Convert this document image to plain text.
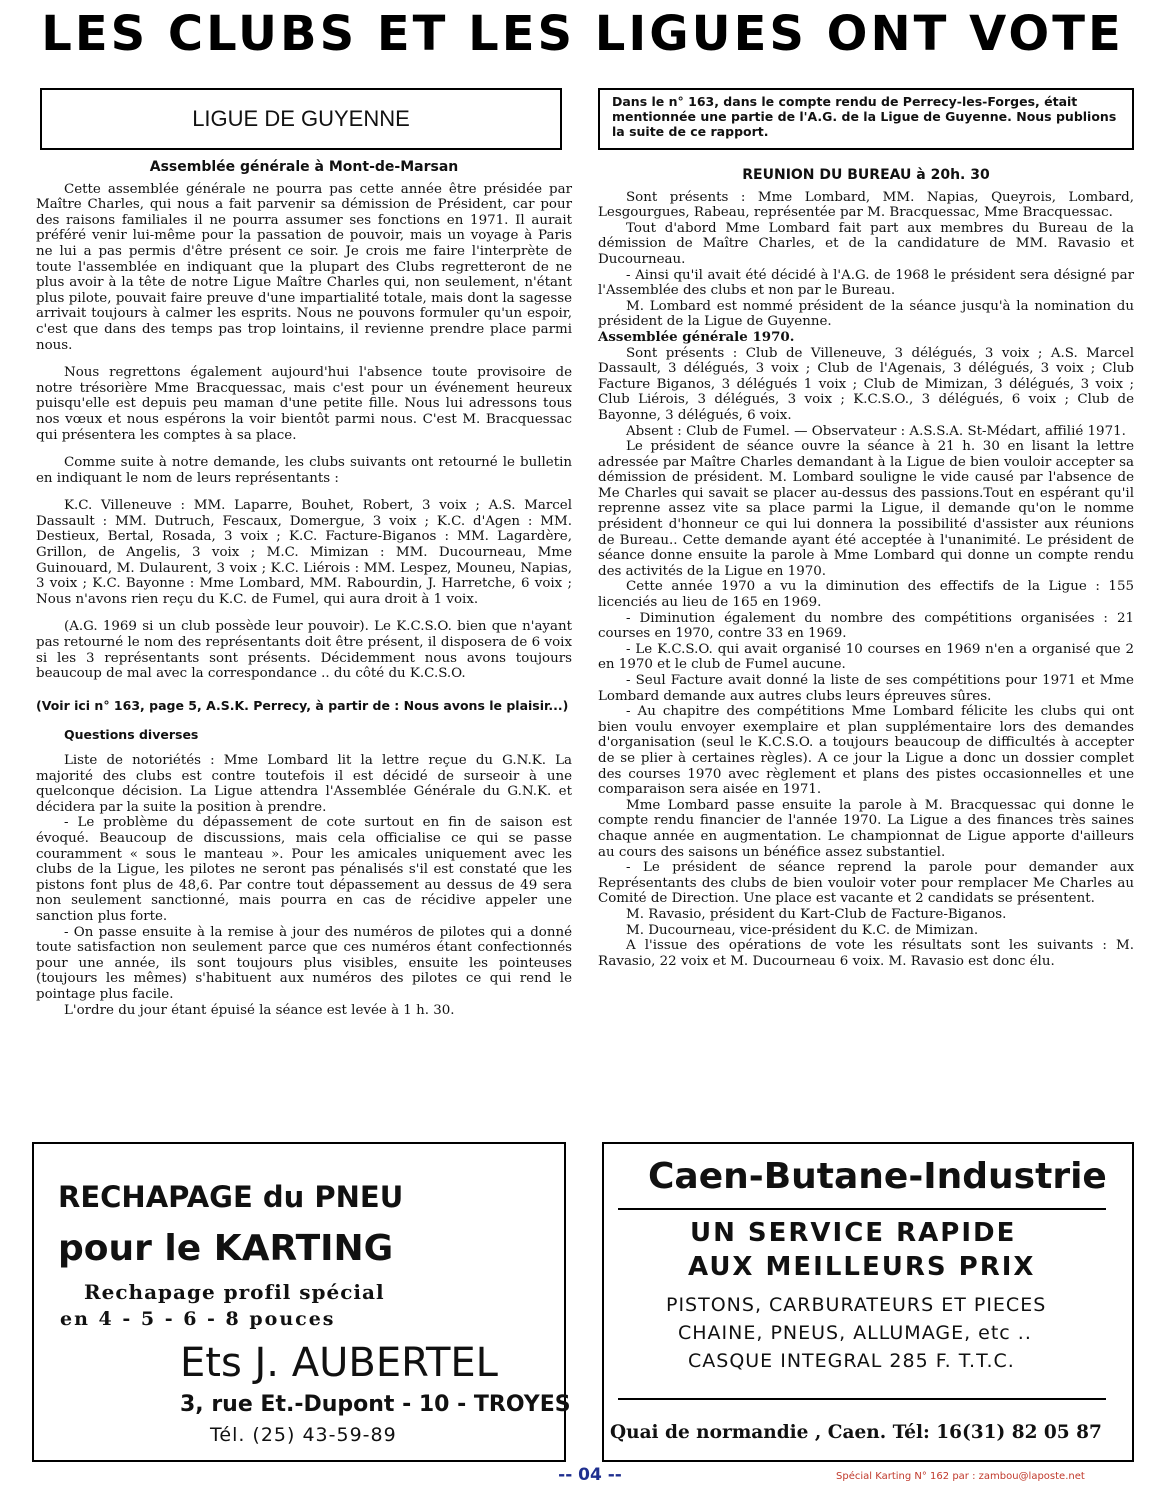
LES CLUBS ET LES LIGUES ONT VOTE
LIGUE DE GUYENNE
Dans le n° 163, dans le compte rendu de Perrecy-les-Forges, était mentionnée une partie de l'A.G. de la Ligue de Guyenne. Nous publions la suite de ce rapport.

Assemblée générale à Mont-de-Marsan

Cette assemblée générale ne pourra pas cette année être présidée par Maître Charles, qui nous a fait parvenir sa démission de Président, car pour des raisons familiales il ne pourra assumer ses fonctions en 1971. Il aurait préféré venir lui-même pour la passation de pouvoir, mais un voyage à Paris ne lui a pas permis d'être présent ce soir. Je crois me faire l'interprète de toute l'assemblée en indiquant que la plupart des Clubs regretteront de ne plus avoir à la tête de notre Ligue Maître Charles qui, non seulement, n'étant plus pilote, pouvait faire preuve d'une impartialité totale, mais dont la sagesse arrivait toujours à calmer les esprits. Nous ne pouvons formuler qu'un espoir, c'est que dans des temps pas trop lointains, il revienne prendre place parmi nous.

Nous regrettons également aujourd'hui l'absence toute provisoire de notre trésorière Mme Bracquessac, mais c'est pour un événement heureux puisqu'elle est depuis peu maman d'une petite fille. Nous lui adressons tous nos vœux et nous espérons la voir bientôt parmi nous. C'est M. Bracquessac qui présentera les comptes à sa place.

Comme suite à notre demande, les clubs suivants ont retourné le bulletin en indiquant le nom de leurs représentants :

K.C. Villeneuve : MM. Laparre, Bouhet, Robert, 3 voix ; A.S. Marcel Dassault : MM. Dutruch, Fescaux, Domergue, 3 voix ; K.C. d'Agen : MM. Destieux, Bertal, Rosada, 3 voix ; K.C. Facture-Biganos : MM. Lagardère, Grillon, de Angelis, 3 voix ; M.C. Mimizan : MM. Ducourneau, Mme Guinouard, M. Dulaurent, 3 voix ; K.C. Liérois : MM. Lespez, Mouneu, Napias, 3 voix ; K.C. Bayonne : Mme Lombard, MM. Rabourdin, J. Harretche, 6 voix ; Nous n'avons rien reçu du K.C. de Fumel, qui aura droit à 1 voix.

(A.G. 1969 si un club possède leur pouvoir). Le K.C.S.O. bien que n'ayant pas retourné le nom des représentants doit être présent, il disposera de 6 voix si les 3 représentants sont présents. Décidemment nous avons toujours beaucoup de mal avec la correspondance .. du côté du K.C.S.O.

(Voir ici n° 163, page 5, A.S.K. Perrecy, à partir de : Nous avons le plaisir...)

Questions diverses

Liste de notoriétés : Mme Lombard lit la lettre reçue du G.N.K. La majorité des clubs est contre toutefois il est décidé de surseoir à une quelconque décision. La Ligue attendra l'Assemblée Générale du G.N.K. et décidera par la suite la position à prendre.

- Le problème du dépassement de cote surtout en fin de saison est évoqué. Beaucoup de discussions, mais cela officialise ce qui se passe couramment « sous le manteau ». Pour les amicales uniquement avec les clubs de la Ligue, les pilotes ne seront pas pénalisés s'il est constaté que les pistons font plus de 48,6. Par contre tout dépassement au dessus de 49 sera non seulement sanctionné, mais pourra en cas de récidive appeler une sanction plus forte.

- On passe ensuite à la remise à jour des numéros de pilotes qui a donné toute satisfaction non seulement parce que ces numéros étant confectionnés pour une année, ils sont toujours plus visibles, ensuite les pointeuses (toujours les mêmes) s'habituent aux numéros des pilotes ce qui rend le pointage plus facile.

L'ordre du jour étant épuisé la séance est levée à 1 h. 30.

REUNION DU BUREAU à 20h. 30

Sont présents : Mme Lombard, MM. Napias, Queyrois, Lombard, Lesgourgues, Rabeau, représentée par M. Bracquessac, Mme Bracquessac.

Tout d'abord Mme Lombard fait part aux membres du Bureau de la démission de Maître Charles, et de la candidature de MM. Ravasio et Ducourneau.

- Ainsi qu'il avait été décidé à l'A.G. de 1968 le président sera désigné par l'Assemblée des clubs et non par le Bureau.

M. Lombard est nommé président de la séance jusqu'à la nomination du président de la Ligue de Guyenne.

Assemblée générale 1970.

Sont présents : Club de Villeneuve, 3 délégués, 3 voix ; A.S. Marcel Dassault, 3 délégués, 3 voix ; Club de l'Agenais, 3 délégués, 3 voix ; Club Facture Biganos, 3 délégués 1 voix ; Club de Mimizan, 3 délégués, 3 voix ; Club Liérois, 3 délégués, 3 voix ; K.C.S.O., 3 délégués, 6 voix ; Club de Bayonne, 3 délégués, 6 voix.

Absent : Club de Fumel. — Observateur : A.S.S.A. St-Médart, affilié 1971.

Le président de séance ouvre la séance à 21 h. 30 en lisant la lettre adressée par Maître Charles demandant à la Ligue de bien vouloir accepter sa démission de président. M. Lombard souligne le vide causé par l'absence de Me Charles qui savait se placer au-dessus des passions.Tout en espérant qu'il reprenne assez vite sa place parmi la Ligue, il demande qu'on le nomme président d'honneur ce qui lui donnera la possibilité d'assister aux réunions de Bureau.. Cette demande ayant été acceptée à l'unanimité. Le président de séance donne ensuite la parole à Mme Lombard qui donne un compte rendu des activités de la Ligue en 1970.

Cette année 1970 a vu la diminution des effectifs de la Ligue : 155 licenciés au lieu de 165 en 1969.

- Diminution également du nombre des compétitions organisées : 21 courses en 1970, contre 33 en 1969.

- Le K.C.S.O. qui avait organisé 10 courses en 1969 n'en a organisé que 2 en 1970 et le club de Fumel aucune.

- Seul Facture avait donné la liste de ses compétitions pour 1971 et Mme Lombard demande aux autres clubs leurs épreuves sûres.

- Au chapitre des compétitions Mme Lombard félicite les clubs qui ont bien voulu envoyer exemplaire et plan supplémentaire lors des demandes d'organisation (seul le K.C.S.O. a toujours beaucoup de difficultés à accepter de se plier à certaines règles). A ce jour la Ligue a donc un dossier complet des courses 1970 avec règlement et plans des pistes occasionnelles et une comparaison sera aisée en 1971.

Mme Lombard passe ensuite la parole à M. Bracquessac qui donne le compte rendu financier de l'année 1970. La Ligue a des finances très saines chaque année en augmentation. Le championnat de Ligue apporte d'ailleurs au cours des saisons un bénéfice assez substantiel.

- Le président de séance reprend la parole pour demander aux Représentants des clubs de bien vouloir voter pour remplacer Me Charles au Comité de Direction. Une place est vacante et 2 candidats se présentent.

M. Ravasio, président du Kart-Club de Facture-Biganos.

M. Ducourneau, vice-président du K.C. de Mimizan.

A l'issue des opérations de vote les résultats sont les suivants : M. Ravasio, 22 voix et M. Ducourneau 6 voix. M. Ravasio est donc élu.

RECHAPAGE du PNEU
pour le KARTING
Rechapage profil spécial
en 4 - 5 - 6 - 8 pouces
Ets J. AUBERTEL
3, rue Et.-Dupont - 10 - TROYES
Tél. (25) 43-59-89
Caen-Butane-Industrie
UN SERVICE RAPIDE
AUX MEILLEURS PRIX
PISTONS, CARBURATEURS ET PIECES
CHAINE, PNEUS, ALLUMAGE, etc ..
CASQUE INTEGRAL 285 F. T.T.C.
Quai de normandie , Caen. Tél: 16(31) 82 05 87
-- 04 --	Spécial Karting N° 162 par : zambou@laposte.net
